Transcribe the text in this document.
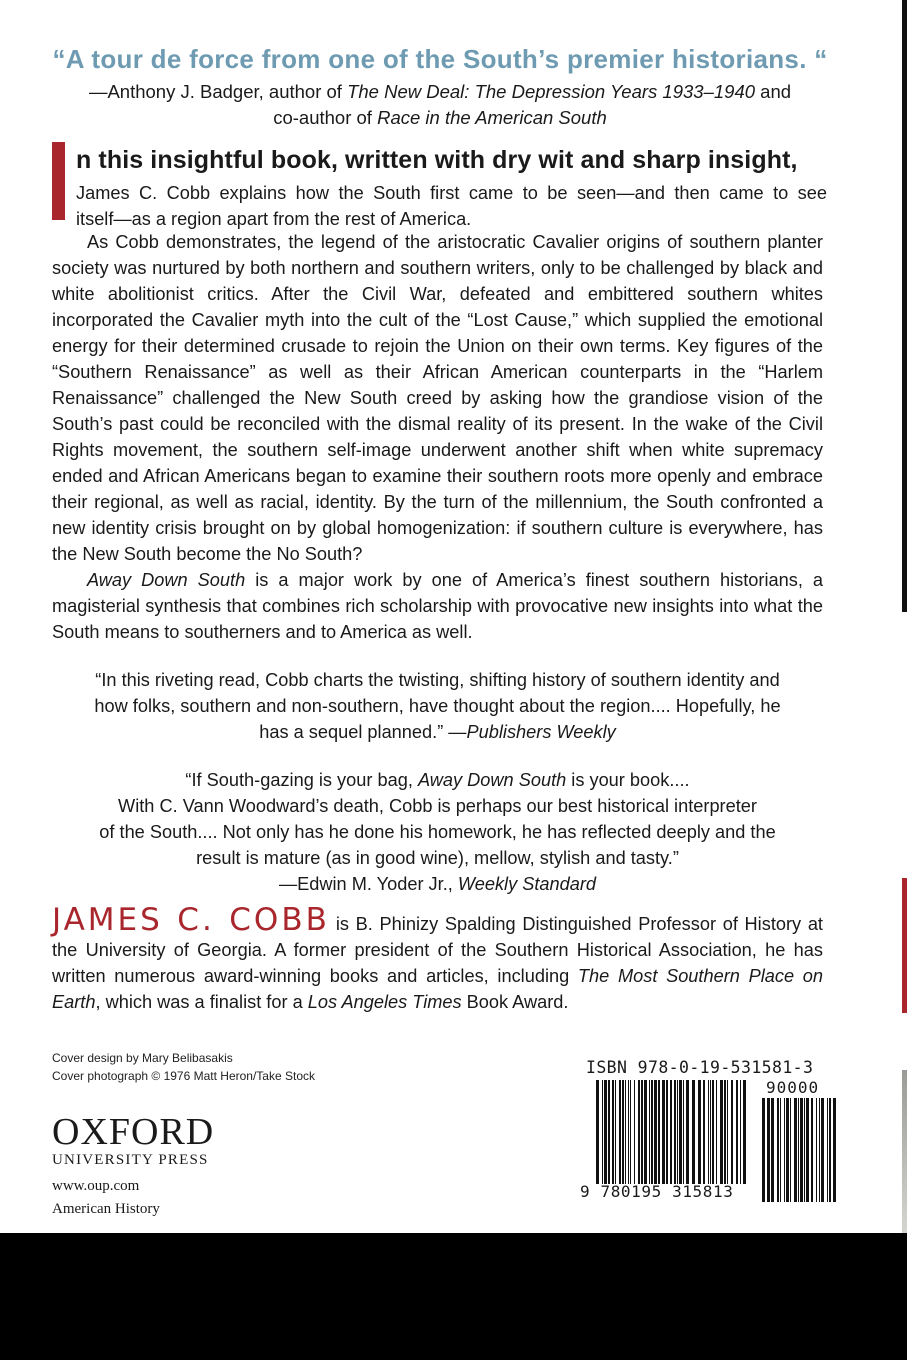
“A tour de force from one of the South’s premier historians. “
—Anthony J. Badger, author of The New Deal: The Depression Years 1933–1940 and
co-author of Race in the American South
n this insightful book, written with dry wit and sharp insight,
James C. Cobb explains how the South first came to be seen—and then came to see
itself—as a region apart from the rest of America.

As Cobb demonstrates, the legend of the aristocratic Cavalier origins of southern planter society was nurtured by both northern and southern writers, only to be challenged by black and white abolitionist critics. After the Civil War, defeated and embittered southern whites incorporated the Cavalier myth into the cult of the “Lost Cause,” which supplied the emotional energy for their determined crusade to rejoin the Union on their own terms. Key figures of the “Southern Renaissance” as well as their African American counterparts in the “Harlem Renaissance” challenged the New South creed by asking how the grandiose vision of the South’s past could be reconciled with the dismal reality of its present. In the wake of the Civil Rights movement, the southern self-image underwent another shift when white supremacy ended and African Americans began to examine their southern roots more openly and embrace their regional, as well as racial, identity. By the turn of the millennium, the South confronted a new identity crisis brought on by global homogenization: if southern culture is everywhere, has the New South become the No South?

Away Down South is a major work by one of America’s finest southern historians, a magisterial synthesis that combines rich scholarship with provocative new insights into what the South means to southerners and to America as well.

“In this riveting read, Cobb charts the twisting, shifting history of southern identity and

how folks, southern and non-southern, have thought about the region.... Hopefully, he

has a sequel planned.” —Publishers Weekly

“If South-gazing is your bag, Away Down South is your book....

With C. Vann Woodward’s death, Cobb is perhaps our best historical interpreter

of the South.... Not only has he done his homework, he has reflected deeply and the

result is mature (as in good wine), mellow, stylish and tasty.”

—Edwin M. Yoder Jr., Weekly Standard

JAMES C. COBB is B. Phinizy Spalding Distinguished Professor of History at the University of Georgia. A former president of the Southern Historical Association, he has written numerous award-winning books and articles, including The Most Southern Place on Earth, which was a finalist for a Los Angeles Times Book Award.
Cover design by Mary Belibasakis
Cover photograph © 1976 Matt Heron/Take Stock
OXFORD
UNIVERSITY PRESS
www.oup.com
American History
ISBN 978-0-19-531581-3
90000
9 780195 315813
